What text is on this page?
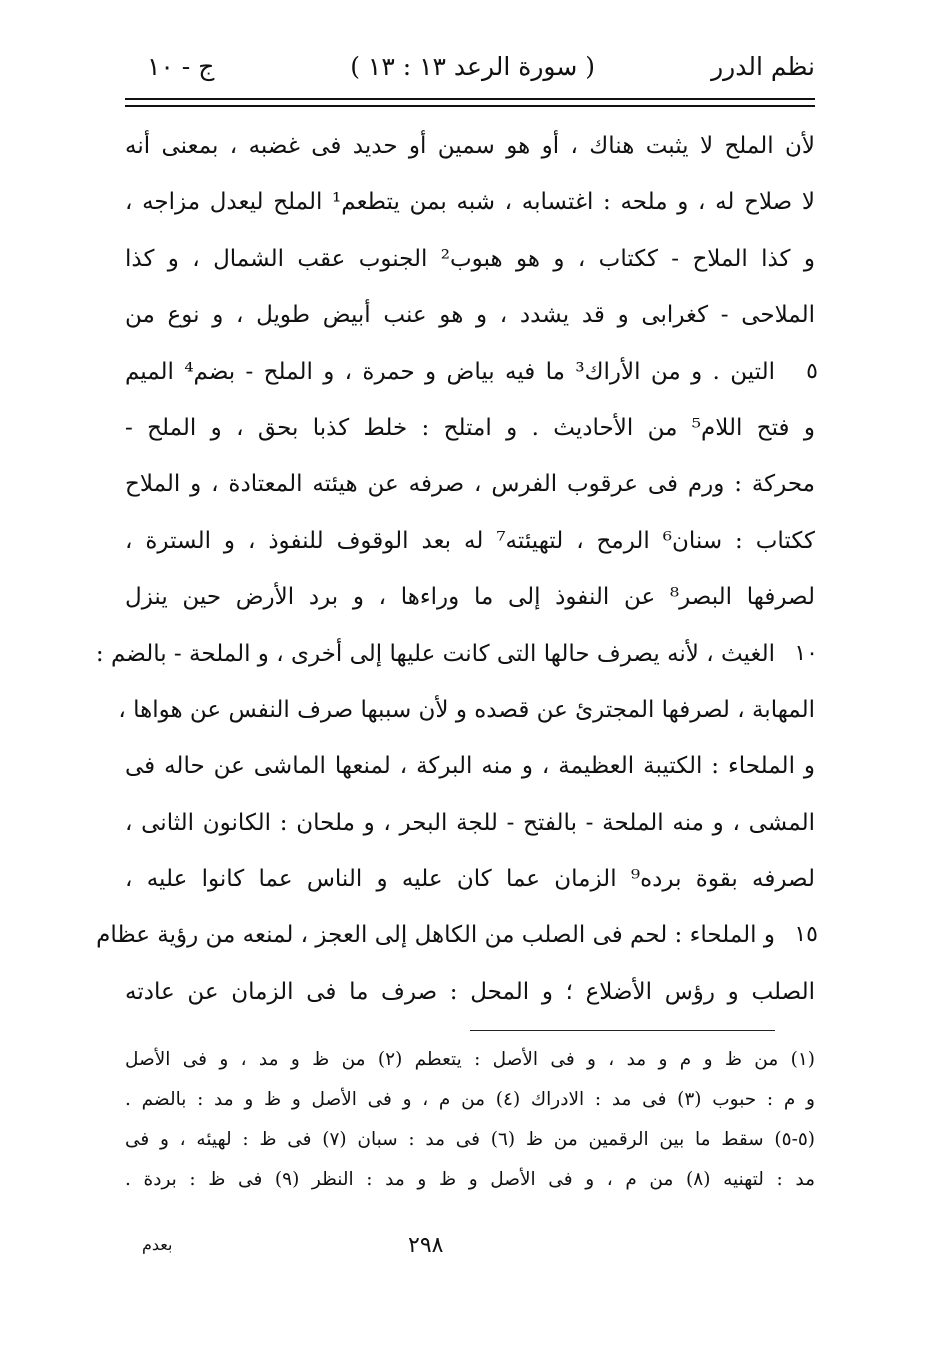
نظم الدرر
( سورة الرعد ١٣ : ١٣ )
ج - ١٠
لأن الملح لا يثبت هناك ، أو هو سمين أو حديد فى غضبه ، بمعنى أنه
لا صلاح له ، و ملحه : اغتسابه ، شبه بمن يتطعم¹ الملح ليعدل مزاجه ،
و كذا الملاح - ككتاب ، و هو هبوب² الجنوب عقب الشمال ، و كذا
الملاحى - كغرابى و قد يشدد ، و هو عنب أبيض طويل ، و نوع من
٥
التين . و من الأراك³ ما فيه بياض و حمرة ، و الملح - بضم⁴ الميم
و فتح اللام⁵ من الأحاديث . و امتلح : خلط كذبا بحق ، و الملح -
محركة : ورم فى عرقوب الفرس ، صرفه عن هيئته المعتادة ، و الملاح
ككتاب : سنان⁶ الرمح ، لتهيئته⁷ له بعد الوقوف للنفوذ ، و السترة ،
لصرفها البصر⁸ عن النفوذ إلى ما وراءها ، و برد الأرض حين ينزل
١٠
الغيث ، لأنه يصرف حالها التى كانت عليها إلى أخرى ، و الملحة - بالضم :
المهابة ، لصرفها المجترئ عن قصده و لأن سببها صرف النفس عن هواها ،
و الملحاء : الكتيبة العظيمة ، و منه البركة ، لمنعها الماشى عن حاله فى
المشى ، و منه الملحة - بالفتح - للجة البحر ، و ملحان : الكانون الثانى ،
لصرفه بقوة برده⁹ الزمان عما كان عليه و الناس عما كانوا عليه ،
١٥
و الملحاء : لحم فى الصلب من الكاهل إلى العجز ، لمنعه من رؤية عظام
الصلب و رؤس الأضلاع ؛ و المحل : صرف ما فى الزمان عن عادته
(١) من ظ و م و مد ، و فى الأصل : يتعطم (٢) من ظ و مد ، و فى الأصل
و م : حبوب (٣) فى مد : الادراك (٤) من م ، و فى الأصل و ظ و مد : بالضم .
(٥-٥) سقط ما بين الرقمين من ظ (٦) فى مد : سبان (٧) فى ظ : لهيئه ، و فى
مد : لتهنيه (٨) من م ، و فى الأصل و ظ و مد : النظر (٩) فى ظ : بردة .
٢٩٨
بعدم
